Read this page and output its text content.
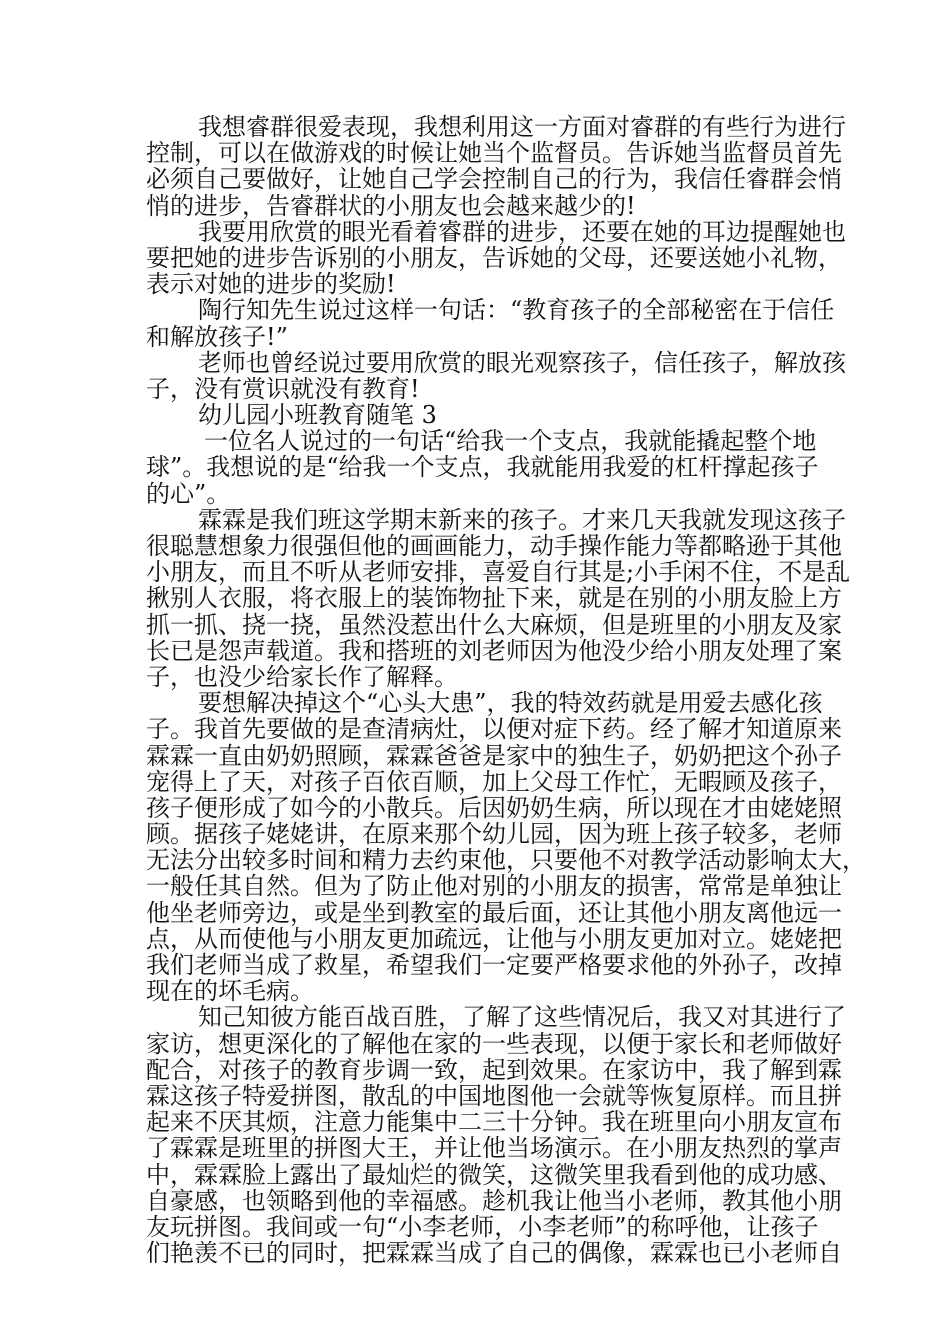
我想睿群很爱表现，我想利用这一方面对睿群的有些行为进行
控制，可以在做游戏的时候让她当个监督员。告诉她当监督员首先
必须自己要做好，让她自己学会控制自己的行为，我信任睿群会悄
悄的进步，告睿群状的小朋友也会越来越少的!
我要用欣赏的眼光看着睿群的进步，还要在她的耳边提醒她也
要把她的进步告诉别的小朋友，告诉她的父母，还要送她小礼物，
表示对她的进步的奖励!
陶行知先生说过这样一句话：“教育孩子的全部秘密在于信任
和解放孩子!”
老师也曾经说过要用欣赏的眼光观察孩子，信任孩子，解放孩
子，没有赏识就没有教育!
幼儿园小班教育随笔 3
一位名人说过的一句话“给我一个支点，我就能撬起整个地
球”。我想说的是“给我一个支点，我就能用我爱的杠杆撑起孩子
的心”。
霖霖是我们班这学期末新来的孩子。才来几天我就发现这孩子
很聪慧想象力很强但他的画画能力，动手操作能力等都略逊于其他
小朋友，而且不听从老师安排，喜爱自行其是;小手闲不住，不是乱
揪别人衣服，将衣服上的装饰物扯下来，就是在别的小朋友脸上方
抓一抓、挠一挠，虽然没惹出什么大麻烦，但是班里的小朋友及家
长已是怨声载道。我和搭班的刘老师因为他没少给小朋友处理了案
子，也没少给家长作了解释。
要想解决掉这个“心头大患”，我的特效药就是用爱去感化孩
子。我首先要做的是查清病灶，以便对症下药。经了解才知道原来
霖霖一直由奶奶照顾，霖霖爸爸是家中的独生子，奶奶把这个孙子
宠得上了天，对孩子百依百顺，加上父母工作忙，无暇顾及孩子，
孩子便形成了如今的小散兵。后因奶奶生病，所以现在才由姥姥照
顾。据孩子姥姥讲，在原来那个幼儿园，因为班上孩子较多，老师
无法分出较多时间和精力去约束他，只要他不对教学活动影响太大，
一般任其自然。但为了防止他对别的小朋友的损害，常常是单独让
他坐老师旁边，或是坐到教室的最后面，还让其他小朋友离他远一
点，从而使他与小朋友更加疏远，让他与小朋友更加对立。姥姥把
我们老师当成了救星，希望我们一定要严格要求他的外孙子，改掉
现在的坏毛病。
知己知彼方能百战百胜，了解了这些情况后，我又对其进行了
家访，想更深化的了解他在家的一些表现，以便于家长和老师做好
配合，对孩子的教育步调一致，起到效果。在家访中，我了解到霖
霖这孩子特爱拼图，散乱的中国地图他一会就等恢复原样。而且拼
起来不厌其烦，注意力能集中二三十分钟。我在班里向小朋友宣布
了霖霖是班里的拼图大王，并让他当场演示。在小朋友热烈的掌声
中，霖霖脸上露出了最灿烂的微笑，这微笑里我看到他的成功感、
自豪感，也领略到他的幸福感。趁机我让他当小老师，教其他小朋
友玩拼图。我间或一句“小李老师，小李老师”的称呼他，让孩子
们艳羡不已的同时，把霖霖当成了自己的偶像，霖霖也已小老师自
